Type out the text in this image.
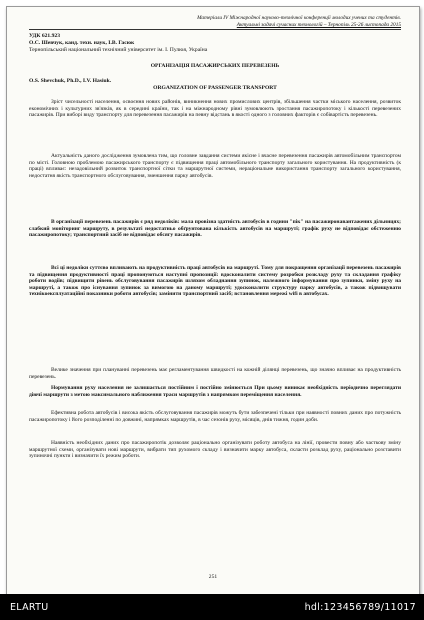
Матеріали IV Міжнародної науково-технічної конференції молодих учених та студентів.
Актуальні задачі сучасних технологій – Тернопіль 25-26 листопада 2015
УДК 621.923
О.С. Шевчук, канд. техн. наук, І.В. Гасюк
Тернопільський національний технічний університет ім. І. Пулюя, Україна
ОРГАНІЗАЦІЯ ПАСАЖИРСЬКИХ ПЕРЕВЕЗЕНЬ
O.S. Shevchuk, Ph.D., I.V. Hasiuk.
ORGANIZATION OF PASSENGER TRANSPORT
Зріст чисельності населення, освоєння нових районів, виникнення нових промислових центрів, збільшення частки міського населення, розвиток економічних і культурних зв'язків, як в середині країни, так і на міжнародному рівні зумовлюють зростання пасажиропотоку і кількості перевезених пасажирів. При виборі виду транспорту для перевезення пасажирів на певну відстань в якості одного з головних факторів є собівартість перевезень.
Актуальність даного дослідження зумовлена тим, що головне завдання системи якісне і вчасне перевезення пасажирів автомобільним транспортом по місті. Головною проблемою пасажирського транспорту є підвищення праці автомобільного транспорту загального користування. На продуктивність (к праці) впливає: незадовільний розвиток транспортної сітки та маршрутної системи, нераціональне використання транспорту загального користування, недостатня якість транспортного обслуговування, зменшення парку автобусів.
В організації перевезень пасажирів є ряд недоліків: мала провізна здатність автобусів в години "пік" на пасажиронавантажених дільницях; слабкий моніторинг маршруту, в результаті недостатньо обґрунтована кількість автобусів на маршруті; графік руху не відповідає обстеженню пасажиропотоку; транспортний засіб не відповідає обсягу пасажирів.
Всі ці недоліки суттєво впливають на продуктивність праці автобусів на маршруті. Тому для покращення організації перевезень пасажирів та підвищення продуктивності праці пропонуються наступні пропозиції: вдосконалити систему розробки розкладу руху та складання графіку роботи водіїв; підвищити рівень обслуговування пасажирів шляхом обладнання зупинок, належного інформування про зупинки, зміну руху на маршруті, а також про існування зупинок за вимогою на даному маршруті; удосконалити структуру парку автобусів, а також підвищувати технікоексплуатаційні показники роботи автобусів; замінити транспортний засіб; встановлення мережі wifi в автобусах.
Велике значення при плануванні перевезень має регламентування швидкості на кожній ділянці перевезень, що значно впливає на продуктивність перевезень.
Нормування руху населення не залишається постійним і постійно змінюється При цьому виникає необхідність періодично переглядати діючі маршрути з метою максимального наближення траси маршрутів з напрямком переміщення населення.
Ефективна робота автобусів і висока якість обслуговування пасажирів можуть бути забезпечені тільки при наявності повних даних про потужність пасажиропотоку і його розподіленні по довжині, напрямках маршрутів, в час сезонів руху, місяців, днів тижня, годин доби.
Наявність необхідних даних про пасажиропотік дозволяє раціонально організувати роботу автобуса на лінії, провести повну або часткову зміну маршрутної схеми, організувати нові маршрути, вибрати тип рухомого складу і визначити марку автобуса, скласти розклад руху, раціонально розставити зупиночні пункти і визначити їх режим роботи.
251
ELARTU	hdl:123456789/11017
